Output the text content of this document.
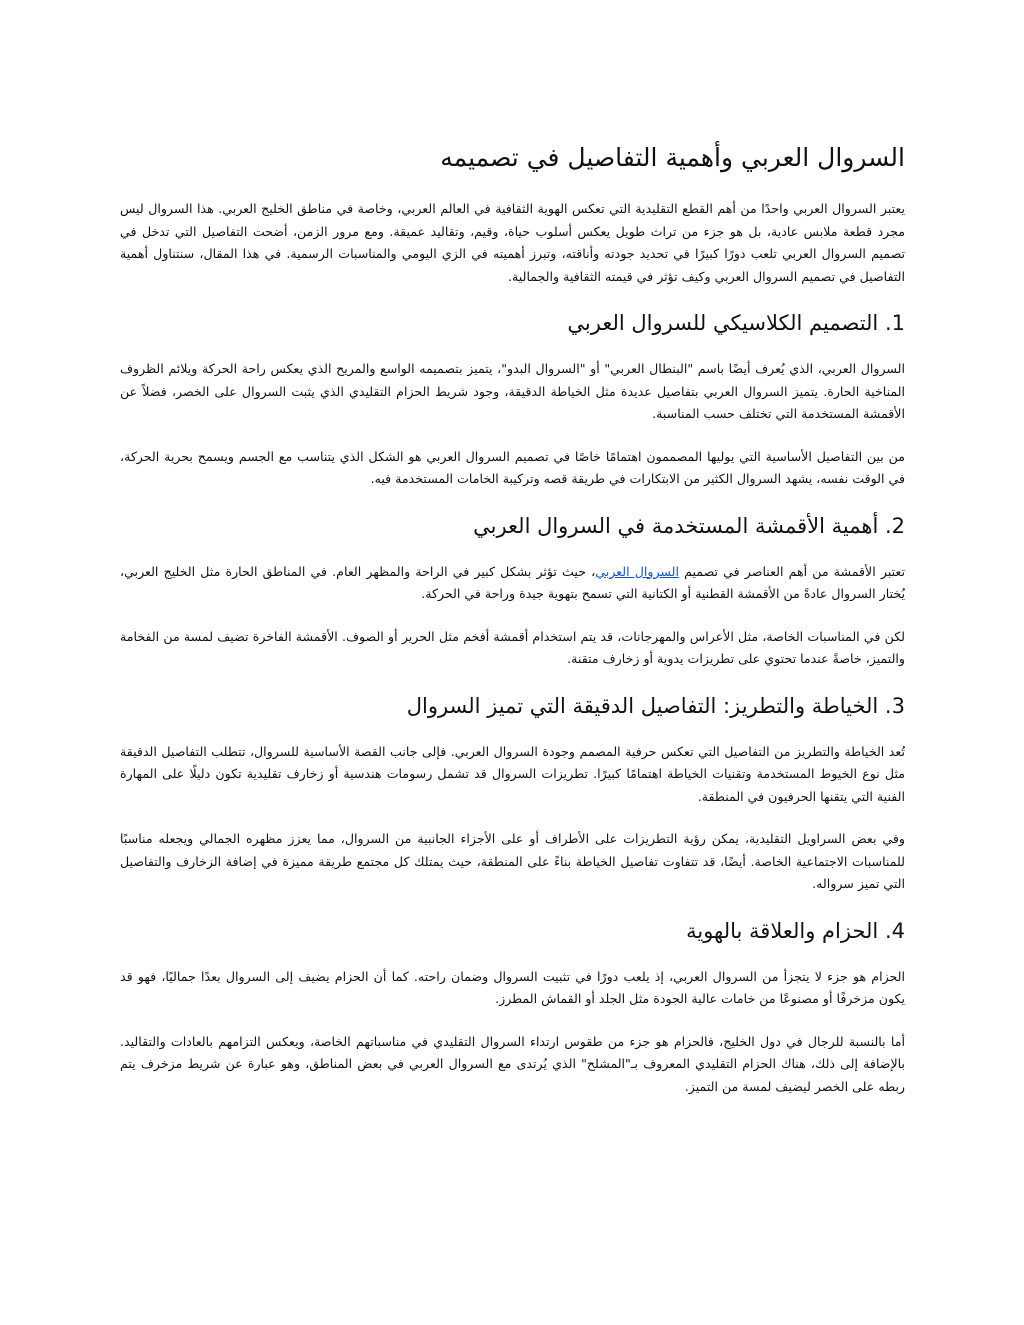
السروال العربي وأهمية التفاصيل في تصميمه

يعتبر السروال العربي واحدًا من أهم القطع التقليدية التي تعكس الهوية الثقافية في العالم العربي، وخاصة في مناطق الخليج العربي. هذا السروال ليس مجرد قطعة ملابس عادية، بل هو جزء من تراث طويل يعكس أسلوب حياة، وقيم، وتقاليد عميقة. ومع مرور الزمن، أضحت التفاصيل التي تدخل في تصميم السروال العربي تلعب دورًا كبيرًا في تحديد جودته وأناقته، وتبرز أهميته في الزي اليومي والمناسبات الرسمية. في هذا المقال، سنتناول أهمية التفاصيل في تصميم السروال العربي وكيف تؤثر في قيمته الثقافية والجمالية.

1. التصميم الكلاسيكي للسروال العربي

السروال العربي، الذي يُعرف أيضًا باسم "البنطال العربي" أو "السروال البدو"، يتميز بتصميمه الواسع والمريح الذي يعكس راحة الحركة ويلائم الظروف المناخية الحارة. يتميز السروال العربي بتفاصيل عديدة مثل الخياطة الدقيقة، وجود شريط الحزام التقليدي الذي يثبت السروال على الخصر، فضلاً عن الأقمشة المستخدمة التي تختلف حسب المناسبة.

من بين التفاصيل الأساسية التي يوليها المصممون اهتمامًا خاصًا في تصميم السروال العربي هو الشكل الذي يتناسب مع الجسم ويسمح بحرية الحركة، في الوقت نفسه، يشهد السروال الكثير من الابتكارات في طريقة قصه وتركيبة الخامات المستخدمة فيه.

2. أهمية الأقمشة المستخدمة في السروال العربي

تعتبر الأقمشة من أهم العناصر في تصميم السروال العربي، حيث تؤثر بشكل كبير في الراحة والمظهر العام. في المناطق الحارة مثل الخليج العربي، يُختار السروال عادةً من الأقمشة القطنية أو الكتانية التي تسمح بتهوية جيدة وراحة في الحركة.

لكن في المناسبات الخاصة، مثل الأعراس والمهرجانات، قد يتم استخدام أقمشة أفخم مثل الحرير أو الصوف. الأقمشة الفاخرة تضيف لمسة من الفخامة والتميز، خاصةً عندما تحتوي على تطريزات يدوية أو زخارف متقنة.

3. الخياطة والتطريز: التفاصيل الدقيقة التي تميز السروال

تُعد الخياطة والتطريز من التفاصيل التي تعكس حرفية المصمم وجودة السروال العربي. فإلى جانب القصة الأساسية للسروال، تتطلب التفاصيل الدقيقة مثل نوع الخيوط المستخدمة وتقنيات الخياطة اهتمامًا كبيرًا. تطريزات السروال قد تشمل رسومات هندسية أو زخارف تقليدية تكون دليلًا على المهارة الفنية التي يتقنها الحرفيون في المنطقة.

وفي بعض السراويل التقليدية، يمكن رؤية التطريزات على الأطراف أو على الأجزاء الجانبية من السروال، مما يعزز مظهره الجمالي ويجعله مناسبًا للمناسبات الاجتماعية الخاصة. أيضًا، قد تتفاوت تفاصيل الخياطة بناءً على المنطقة، حيث يمتلك كل مجتمع طريقة مميزة في إضافة الزخارف والتفاصيل التي تميز سرواله.

4. الحزام والعلاقة بالهوية

الحزام هو جزء لا يتجزأ من السروال العربي، إذ يلعب دورًا في تثبيت السروال وضمان راحته. كما أن الحزام يضيف إلى السروال بعدًا جماليًا، فهو قد يكون مزخرفًا أو مصنوعًا من خامات عالية الجودة مثل الجلد أو القماش المطرز.

أما بالنسبة للرجال في دول الخليج، فالحزام هو جزء من طقوس ارتداء السروال التقليدي في مناسباتهم الخاصة، ويعكس التزامهم بالعادات والتقاليد. بالإضافة إلى ذلك، هناك الحزام التقليدي المعروف بـ"المشلح" الذي يُرتدى مع السروال العربي في بعض المناطق، وهو عبارة عن شريط مزخرف يتم ربطه على الخصر ليضيف لمسة من التميز.
